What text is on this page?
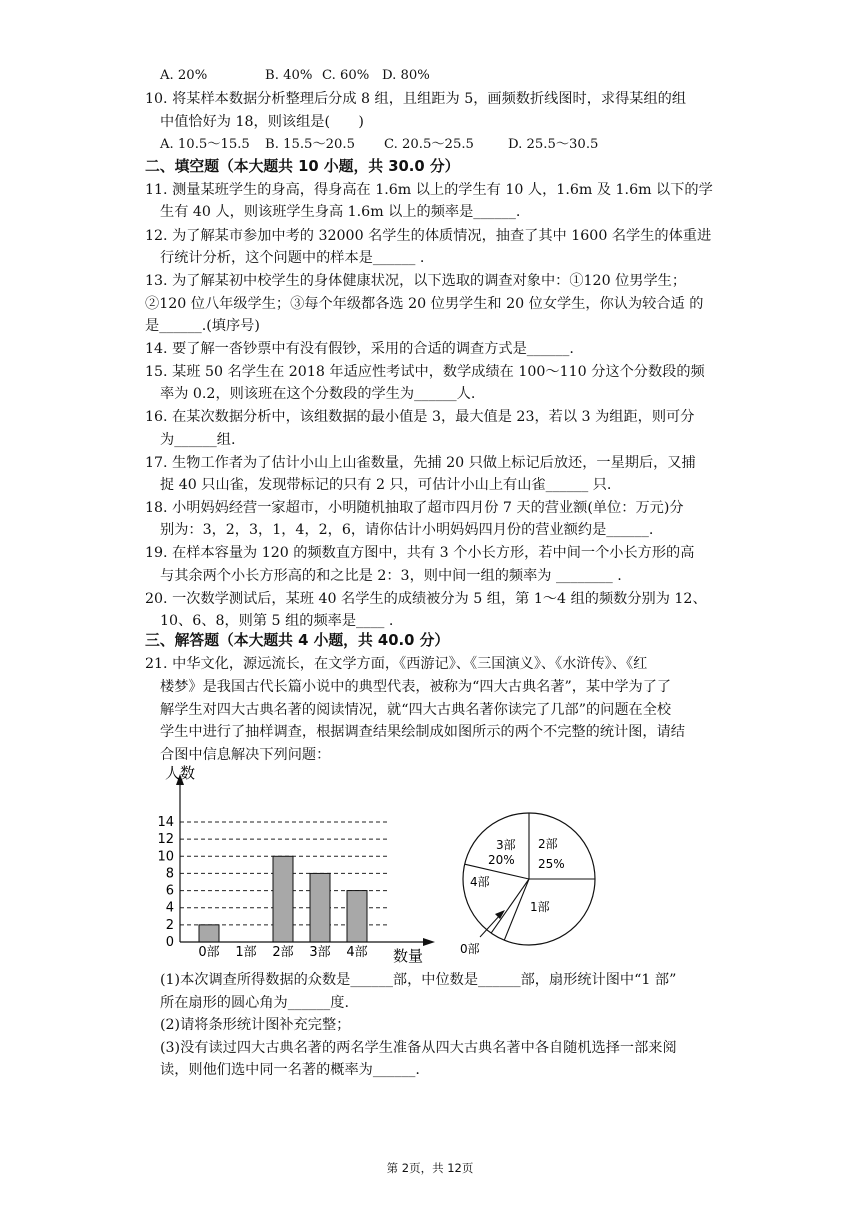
A. 20%	B. 40% C. 60% D. 80%
10. 将某样本数据分析整理后分成 8 组，且组距为 5，画频数折线图时，求得某组的组
中值恰好为 18，则该组是(　　)
A. 10.5～15.5 B. 15.5～20.5 C. 20.5～25.5	D. 25.5～30.5
二、填空题（本大题共 10 小题，共 30.0 分）
11. 测量某班学生的身高，得身高在 1.6m 以上的学生有 10 人，1.6m 及 1.6m 以下的学
生有 40 人，则该班学生身高 1.6m 以上的频率是______.
12. 为了解某市参加中考的 32000 名学生的体质情况，抽查了其中 1600 名学生的体重进
行统计分析，这个问题中的样本是______ .
13. 为了解某初中校学生的身体健康状况，以下选取的调查对象中：①120 位男学生；
②120 位八年级学生；③每个年级都各选 20 位男学生和 20 位女学生，你认为较合适 的
是______.(填序号)
14. 要了解一沓钞票中有没有假钞，采用的合适的调查方式是______.
15. 某班 50 名学生在 2018 年适应性考试中，数学成绩在 100～110 分这个分数段的频
率为 0.2，则该班在这个分数段的学生为______人.
16. 在某次数据分析中，该组数据的最小值是 3，最大值是 23，若以 3 为组距，则可分
为______组.
17. 生物工作者为了估计小山上山雀数量，先捕 20 只做上标记后放还，一星期后，又捕
捉 40 只山雀，发现带标记的只有 2 只，可估计小山上有山雀______ 只.
18. 小明妈妈经营一家超市，小明随机抽取了超市四月份 7 天的营业额(单位：万元)分
别为：3，2，3，1，4，2，6，请你估计小明妈妈四月份的营业额约是______.
19. 在样本容量为 120 的频数直方图中，共有 3 个小长方形，若中间一个小长方形的高
与其余两个小长方形高的和之比是 2：3，则中间一组的频率为 ________ .
20. 一次数学测试后，某班 40 名学生的成绩被分为 5 组，第 1～4 组的频数分别为 12、
10、6、8，则第 5 组的频率是____ .
三、解答题（本大题共 4 小题，共 40.0 分）
21. 中华文化，源远流长，在文学方面，《西游记》、《三国演义》、《水浒传》、《红
楼梦》是我国古代长篇小说中的典型代表，被称为“四大古典名著”，某中学为了了
解学生对四大古典名著的阅读情况，就“四大古典名著你读完了几部”的问题在全校
学生中进行了抽样调查，根据调查结果绘制成如图所示的两个不完整的统计图，请结
合图中信息解决下列问题：
0
2
4
6
8
10
12
14
0部 1部 2部 3部 4部
人数
数量
3部
20%
2部
25%
4部
1部
0部
(1)本次调查所得数据的众数是______部，中位数是______部，扇形统计图中“1 部”
所在扇形的圆心角为______度.
(2)请将条形统计图补充完整；
(3)没有读过四大古典名著的两名学生准备从四大古典名著中各自随机选择一部来阅
读，则他们选中同一名著的概率为______.
第 2页，共 12页
